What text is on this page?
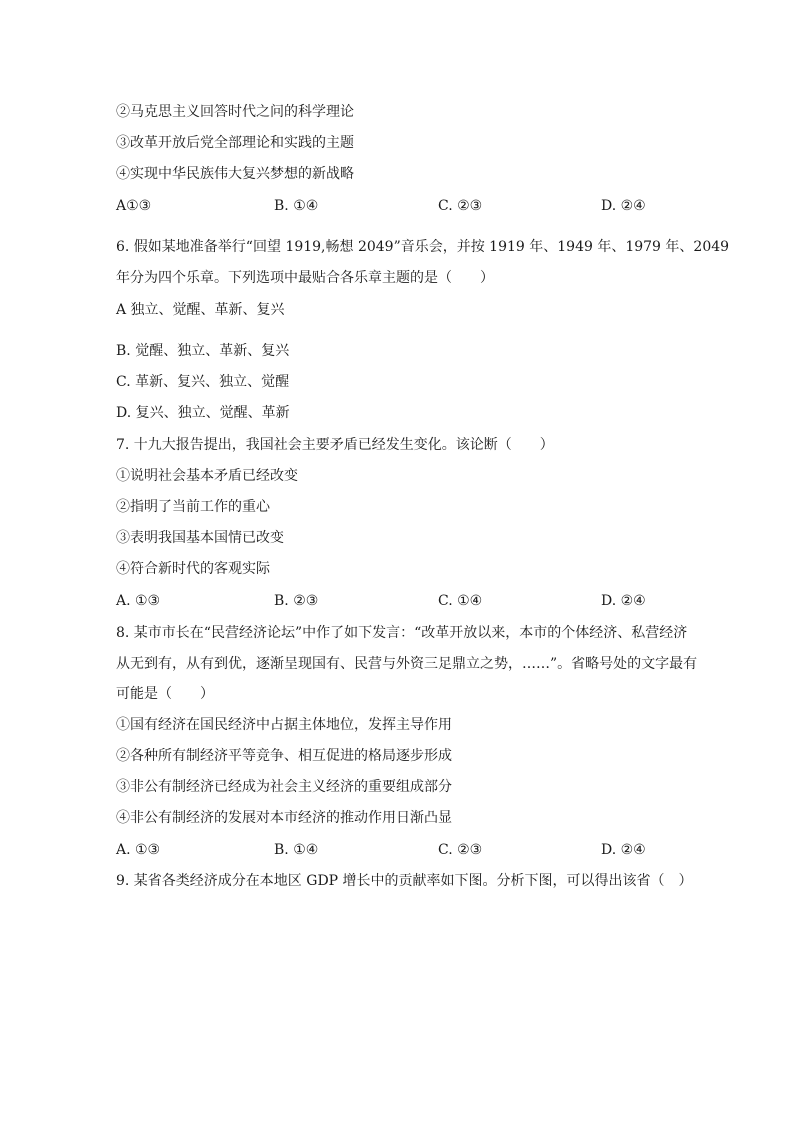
②马克思主义回答时代之问的科学理论
③改革开放后党全部理论和实践的主题
④实现中华民族伟大复兴梦想的新战略
A①③	B. ①④	C. ②③	D. ②④
6. 假如某地准备举行“回望 1919,畅想 2049”音乐会，并按 1919 年、1949 年、1979 年、2049
年分为四个乐章。下列选项中最贴合各乐章主题的是（　　）
A 独立、觉醒、革新、复兴
B. 觉醒、独立、革新、复兴
C. 革新、复兴、独立、觉醒
D. 复兴、独立、觉醒、革新
7. 十九大报告提出，我国社会主要矛盾已经发生变化。该论断（　　）
①说明社会基本矛盾已经改变
②指明了当前工作的重心
③表明我国基本国情已改变
④符合新时代的客观实际
A. ①③	B. ②③	C. ①④	D. ②④
8. 某市市长在“民营经济论坛”中作了如下发言：“改革开放以来，本市的个体经济、私营经济
从无到有，从有到优，逐渐呈现国有、民营与外资三足鼎立之势，……”。省略号处的文字最有
可能是（　　）
①国有经济在国民经济中占据主体地位，发挥主导作用
②各种所有制经济平等竞争、相互促进的格局逐步形成
③非公有制经济已经成为社会主义经济的重要组成部分
④非公有制经济的发展对本市经济的推动作用日渐凸显
A. ①③	B. ①④	C. ②③	D. ②④
9. 某省各类经济成分在本地区 GDP 增长中的贡献率如下图。分析下图，可以得出该省（　）
